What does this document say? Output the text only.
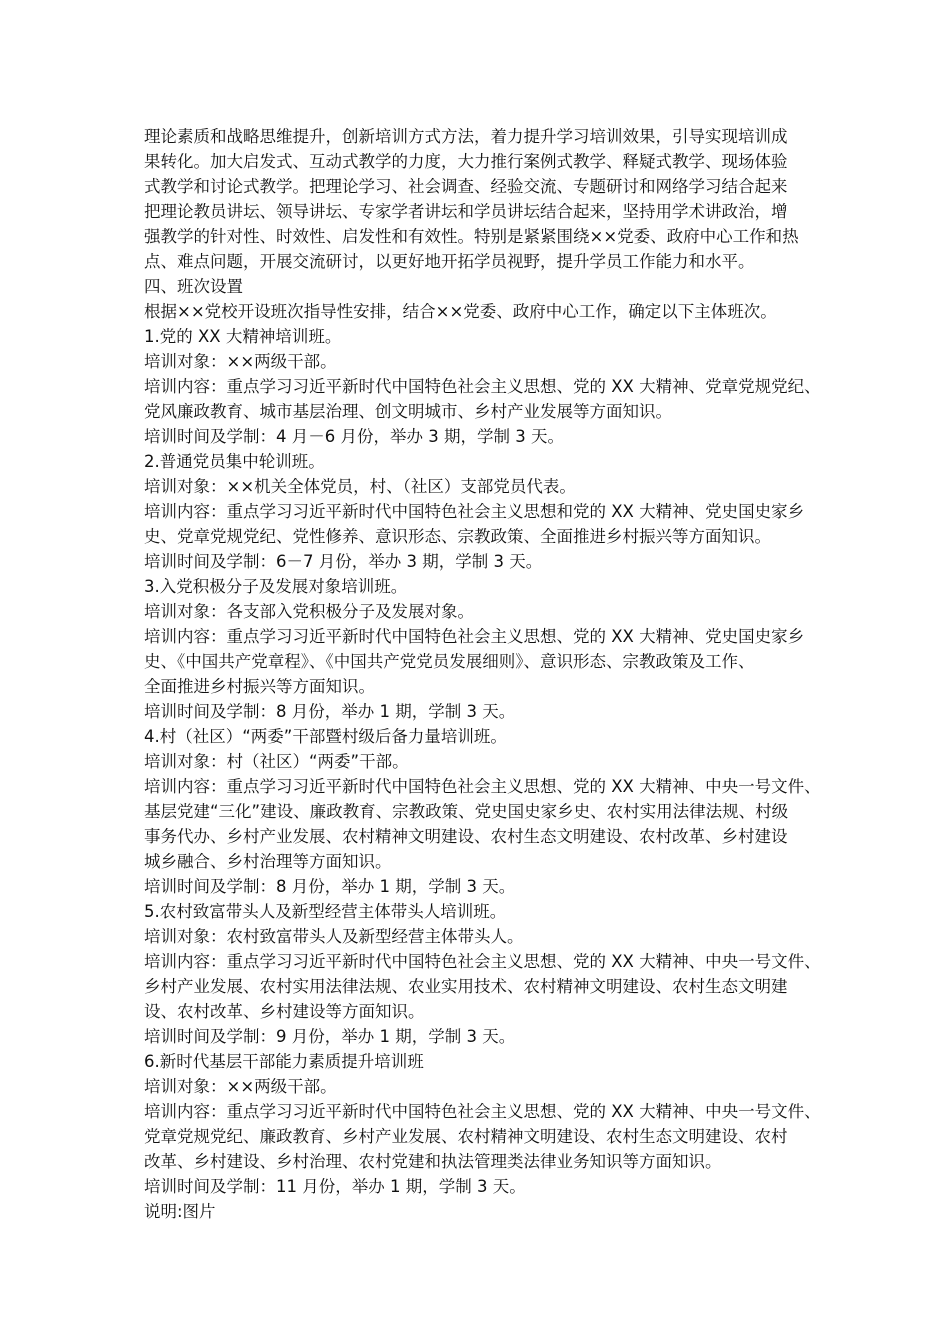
理论素质和战略思维提升，创新培训方式方法，着力提升学习培训效果，引导实现培训成
果转化。加大启发式、互动式教学的力度，大力推行案例式教学、释疑式教学、现场体验
式教学和讨论式教学。把理论学习、社会调查、经验交流、专题研讨和网络学习结合起来
把理论教员讲坛、领导讲坛、专家学者讲坛和学员讲坛结合起来，坚持用学术讲政治，增
强教学的针对性、时效性、启发性和有效性。特别是紧紧围绕××党委、政府中心工作和热
点、难点问题，开展交流研讨，以更好地开拓学员视野，提升学员工作能力和水平。
四、班次设置
根据××党校开设班次指导性安排，结合××党委、政府中心工作，确定以下主体班次。
1.党的 XX 大精神培训班。
培训对象：××两级干部。
培训内容：重点学习习近平新时代中国特色社会主义思想、党的 XX 大精神、党章党规党纪、
党风廉政教育、城市基层治理、创文明城市、乡村产业发展等方面知识。
培训时间及学制：4 月－6 月份，举办 3 期，学制 3 天。
2.普通党员集中轮训班。
培训对象：××机关全体党员，村、（社区）支部党员代表。
培训内容：重点学习习近平新时代中国特色社会主义思想和党的 XX 大精神、党史国史家乡
史、党章党规党纪、党性修养、意识形态、宗教政策、全面推进乡村振兴等方面知识。
培训时间及学制：6－7 月份，举办 3 期，学制 3 天。
3.入党积极分子及发展对象培训班。
培训对象：各支部入党积极分子及发展对象。
培训内容：重点学习习近平新时代中国特色社会主义思想、党的 XX 大精神、党史国史家乡
史、《中国共产党章程》、《中国共产党党员发展细则》、意识形态、宗教政策及工作、
全面推进乡村振兴等方面知识。
培训时间及学制：8 月份，举办 1 期，学制 3 天。
4.村（社区）“两委”干部暨村级后备力量培训班。
培训对象：村（社区）“两委”干部。
培训内容：重点学习习近平新时代中国特色社会主义思想、党的 XX 大精神、中央一号文件、
基层党建“三化”建设、廉政教育、宗教政策、党史国史家乡史、农村实用法律法规、村级
事务代办、乡村产业发展、农村精神文明建设、农村生态文明建设、农村改革、乡村建设
城乡融合、乡村治理等方面知识。
培训时间及学制：8 月份，举办 1 期，学制 3 天。
5.农村致富带头人及新型经营主体带头人培训班。
培训对象：农村致富带头人及新型经营主体带头人。
培训内容：重点学习习近平新时代中国特色社会主义思想、党的 XX 大精神、中央一号文件、
乡村产业发展、农村实用法律法规、农业实用技术、农村精神文明建设、农村生态文明建
设、农村改革、乡村建设等方面知识。
培训时间及学制：9 月份，举办 1 期，学制 3 天。
6.新时代基层干部能力素质提升培训班
培训对象：××两级干部。
培训内容：重点学习习近平新时代中国特色社会主义思想、党的 XX 大精神、中央一号文件、
党章党规党纪、廉政教育、乡村产业发展、农村精神文明建设、农村生态文明建设、农村
改革、乡村建设、乡村治理、农村党建和执法管理类法律业务知识等方面知识。
培训时间及学制：11 月份，举办 1 期，学制 3 天。
说明:图片
